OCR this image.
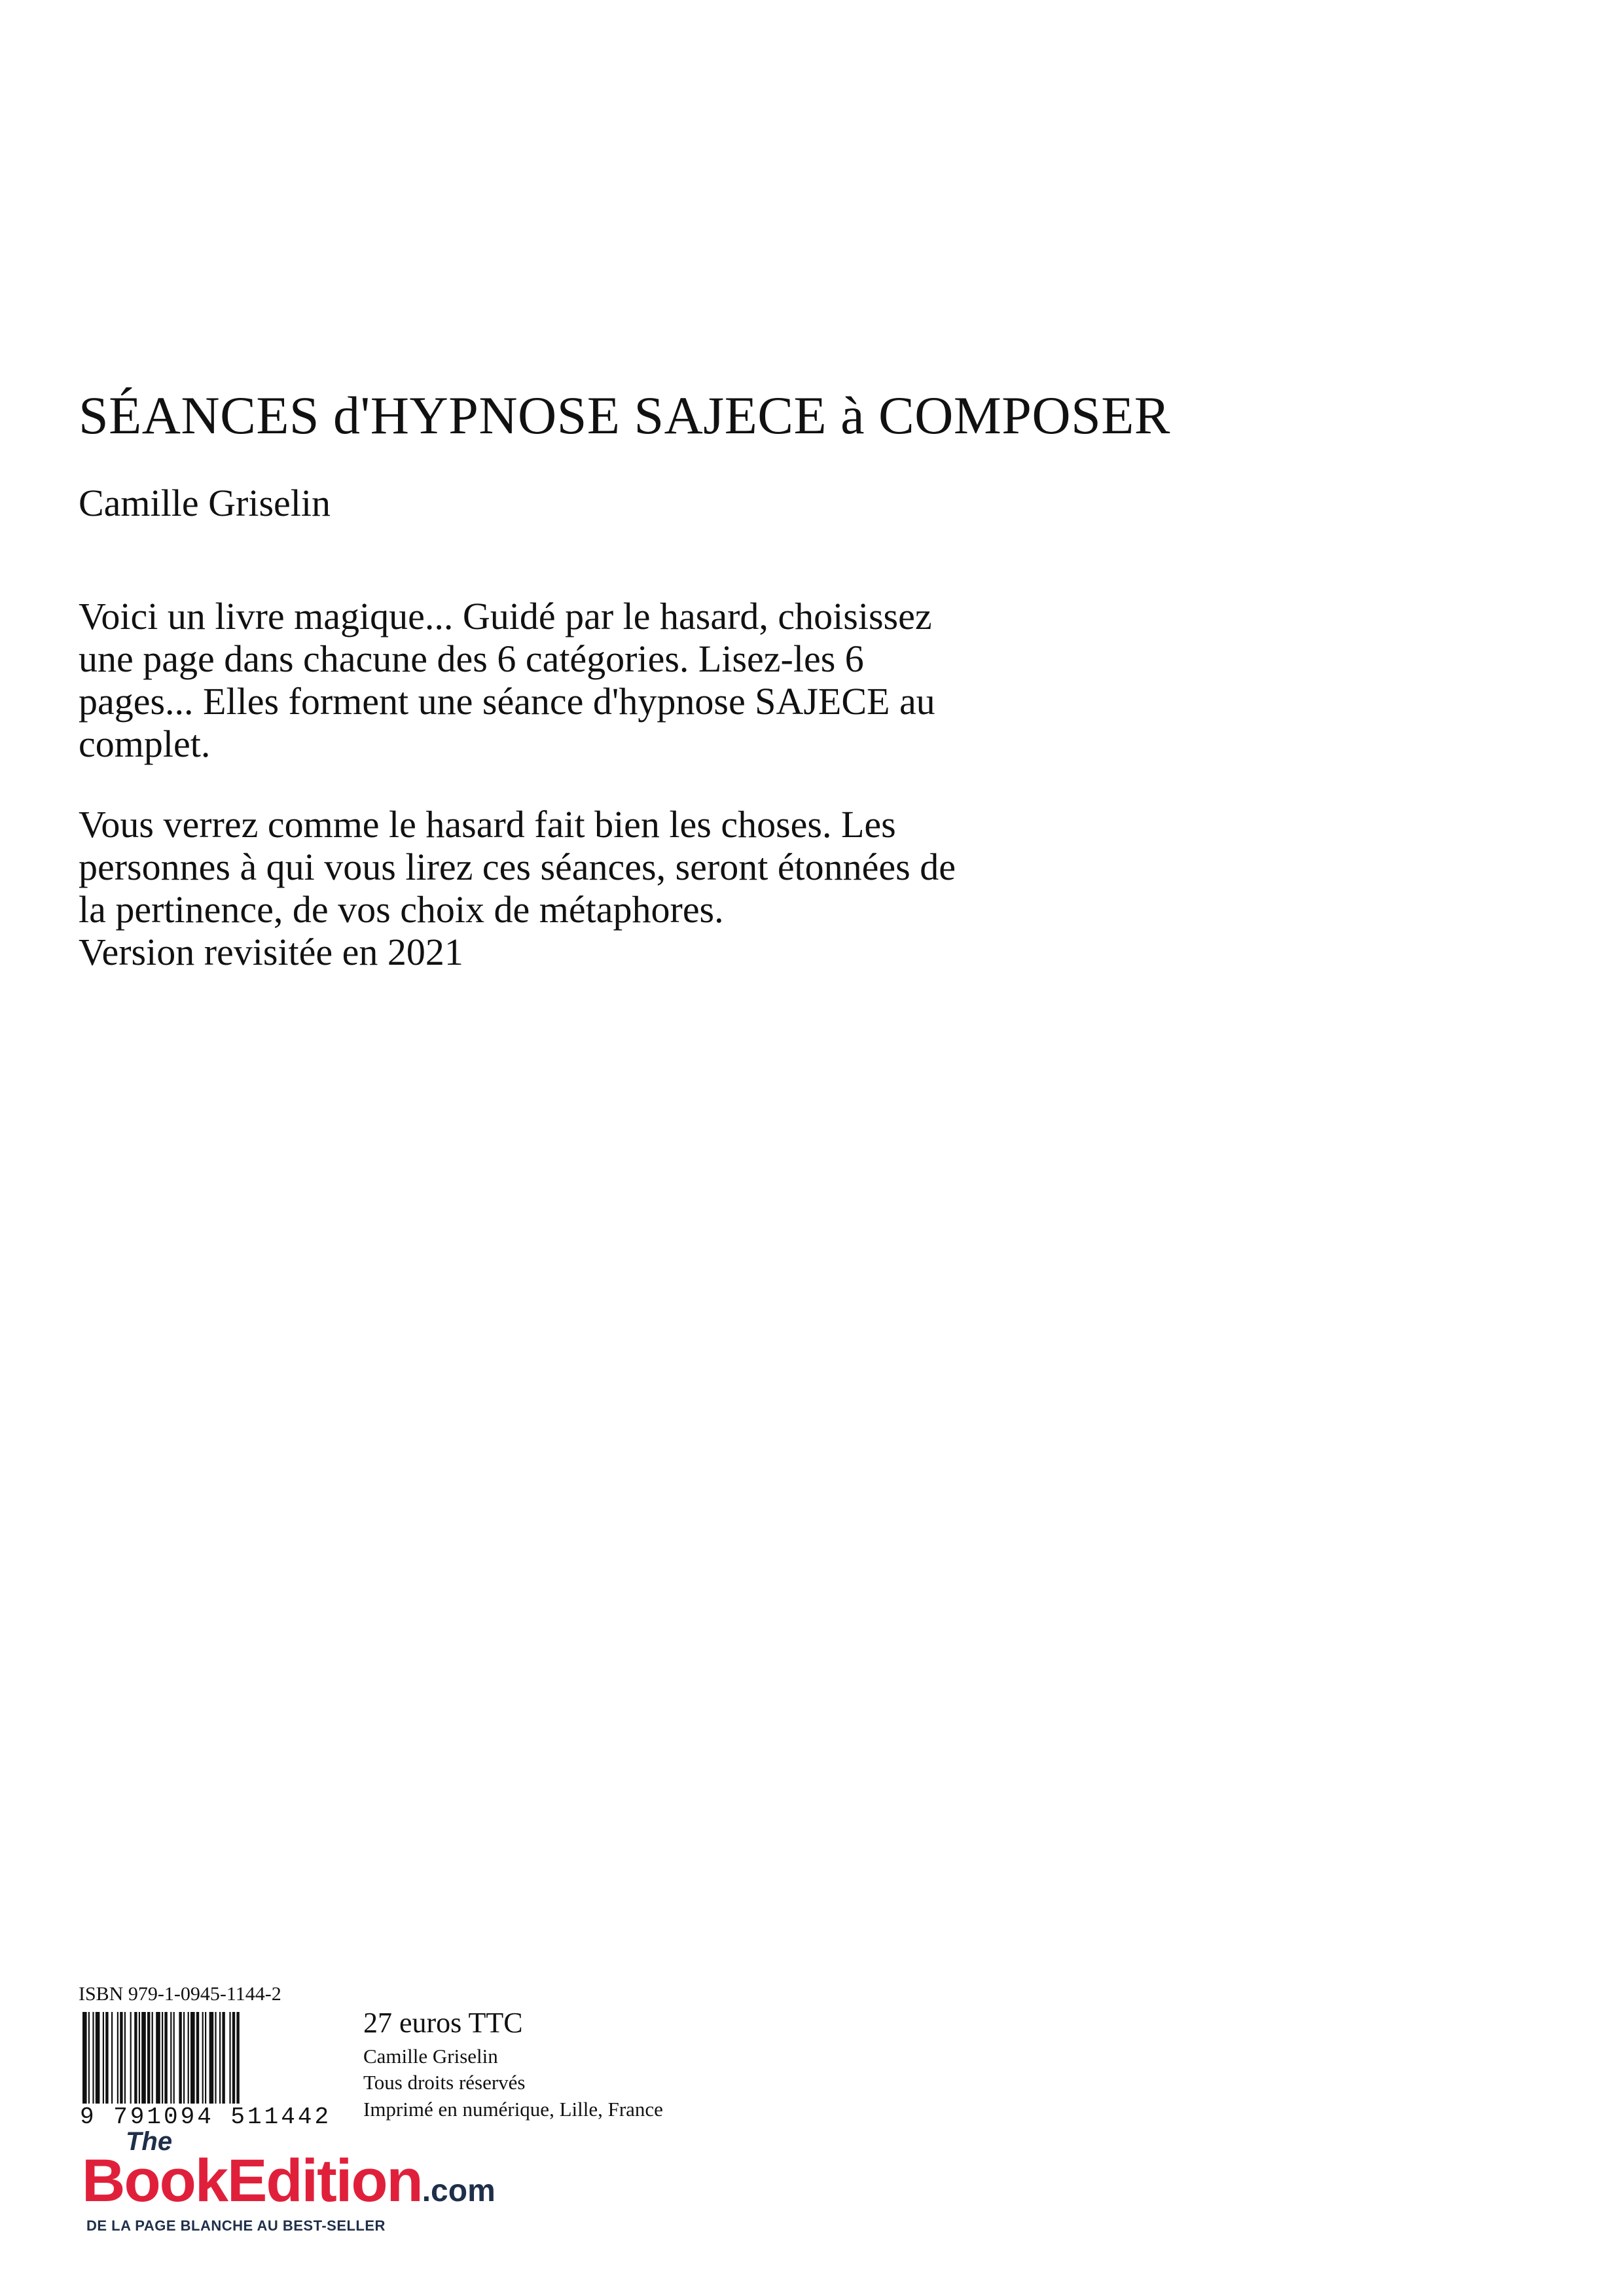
SÉANCES d'HYPNOSE SAJECE à COMPOSER
Camille Griselin

Voici un livre magique... Guidé par le hasard, choisissez
une page dans chacune des 6 catégories. Lisez-les 6
pages... Elles forment une séance d'hypnose SAJECE au
complet.

Vous verrez comme le hasard fait bien les choses. Les
personnes à qui vous lirez ces séances, seront étonnées de
la pertinence, de vos choix de métaphores.
Version revisitée en 2021

ISBN 979-1-0945-1144-2
9 791094 511442
27 euros TTC
Camille Griselin
Tous droits réservés
Imprimé en numérique, Lille, France
The
BookEdition.com
DE LA PAGE BLANCHE AU BEST-SELLER
